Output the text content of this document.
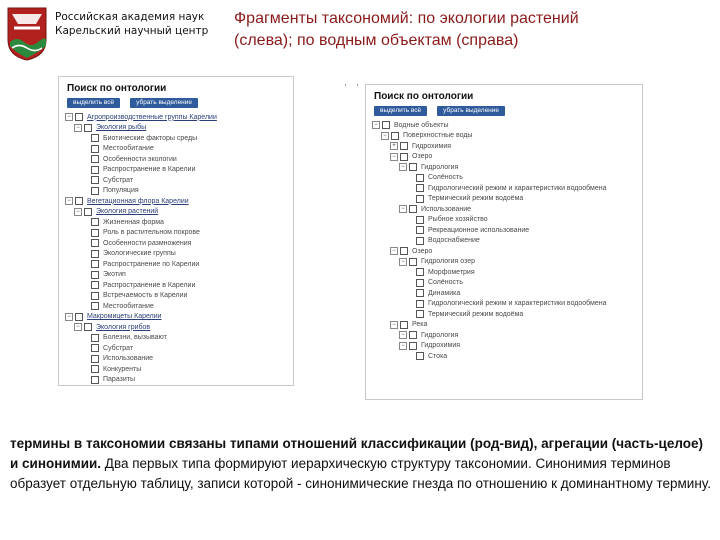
Российская академия наук
Карельский научный центр
Фрагменты таксономий: по экологии растений
(слева); по водным объектам (справа)
Поиск по онтологии
выделить всё	убрать выделение
−	Агропроизводственные группы Карелии
−	Экология рыбы
Биотические факторы среды
Местообитание
Особенности экологии
Распространение в Карелии
Субстрат
Популяция
−	Вегетационная флора Карелии
−	Экология растений
Жизненная форма
Роль в растительном покрове
Особенности размножения
Экологические группы
Распространение по Карелии
Экотип
Распространение в Карелии
Встречаемость в Карелии
Местообитание
−	Макромицеты Карелии
−	Экология грибов
Болезни, вызывают
Субстрат
Использование
Конкуренты
Паразиты
Поиск по онтологии
выделить всё	убрать выделение
−	Водные объекты
−	Поверхностные воды
+	Гидрохимия
−	Озеро
−	Гидрология
Солёность
Гидрологический режим и характеристики водообмена
Термический режим водоёма
−	Использование
Рыбное хозяйство
Рекреационное использование
Водоснабжение
−	Озеро
−	Гидрология озер
Морфометрия
Солёность
Динамика
Гидрологический режим и характеристики водообмена
Термический режим водоёма
−	Река
−	Гидрология
−	Гидрохимия
Стока
термины в таксономии связаны типами отношений классификации (род-вид), агрегации (часть-целое) и синонимии. Два первых типа формируют иерархическую структуру таксономии. Синонимия терминов образует отдельную таблицу, записи которой - синонимические гнезда по отношению к доминантному термину.
